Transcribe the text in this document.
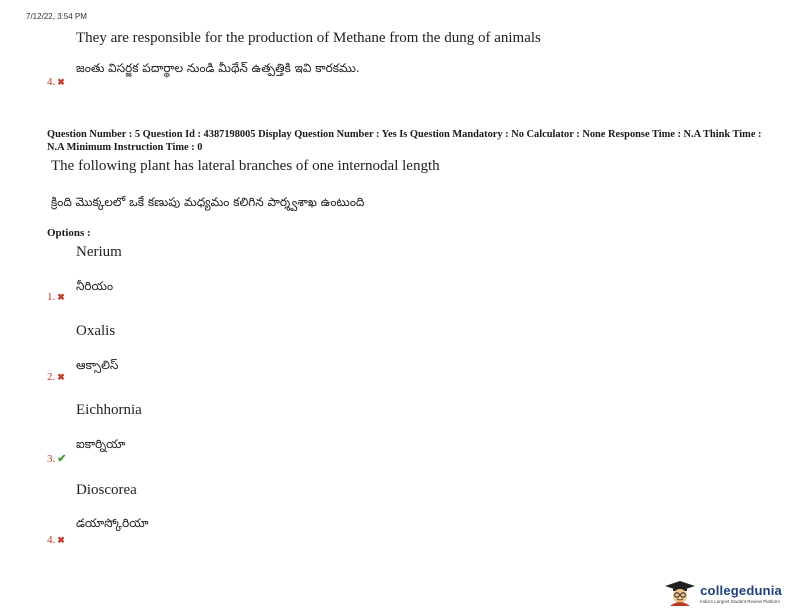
7/12/22, 3:54 PM
They are responsible for the production of Methane from the dung of animals
జంతు విసర్జక పదార్థాల నుండి మీథేన్ ఉత్పత్తికి ఇవి కారకము.
4. ✖
Question Number : 5 Question Id : 4387198005 Display Question Number : Yes Is Question Mandatory : No Calculator : None Response Time : N.A Think Time : N.A Minimum Instruction Time : 0
The following plant has lateral branches of one internodal length
క్రింది మొక్కలలో ఒకే కణుపు మధ్యమం కలిగిన పార్శ్వశాఖ ఉంటుంది
Options :
Nerium
నీరియం
1. ✖
Oxalis
ఆక్సాలిస్
2. ✖
Eichhornia
ఐకార్నియా
3. ✔
Dioscorea
డయాస్కోరియా
4. ✖
collegedunia
India's Largest Student Review Platform
